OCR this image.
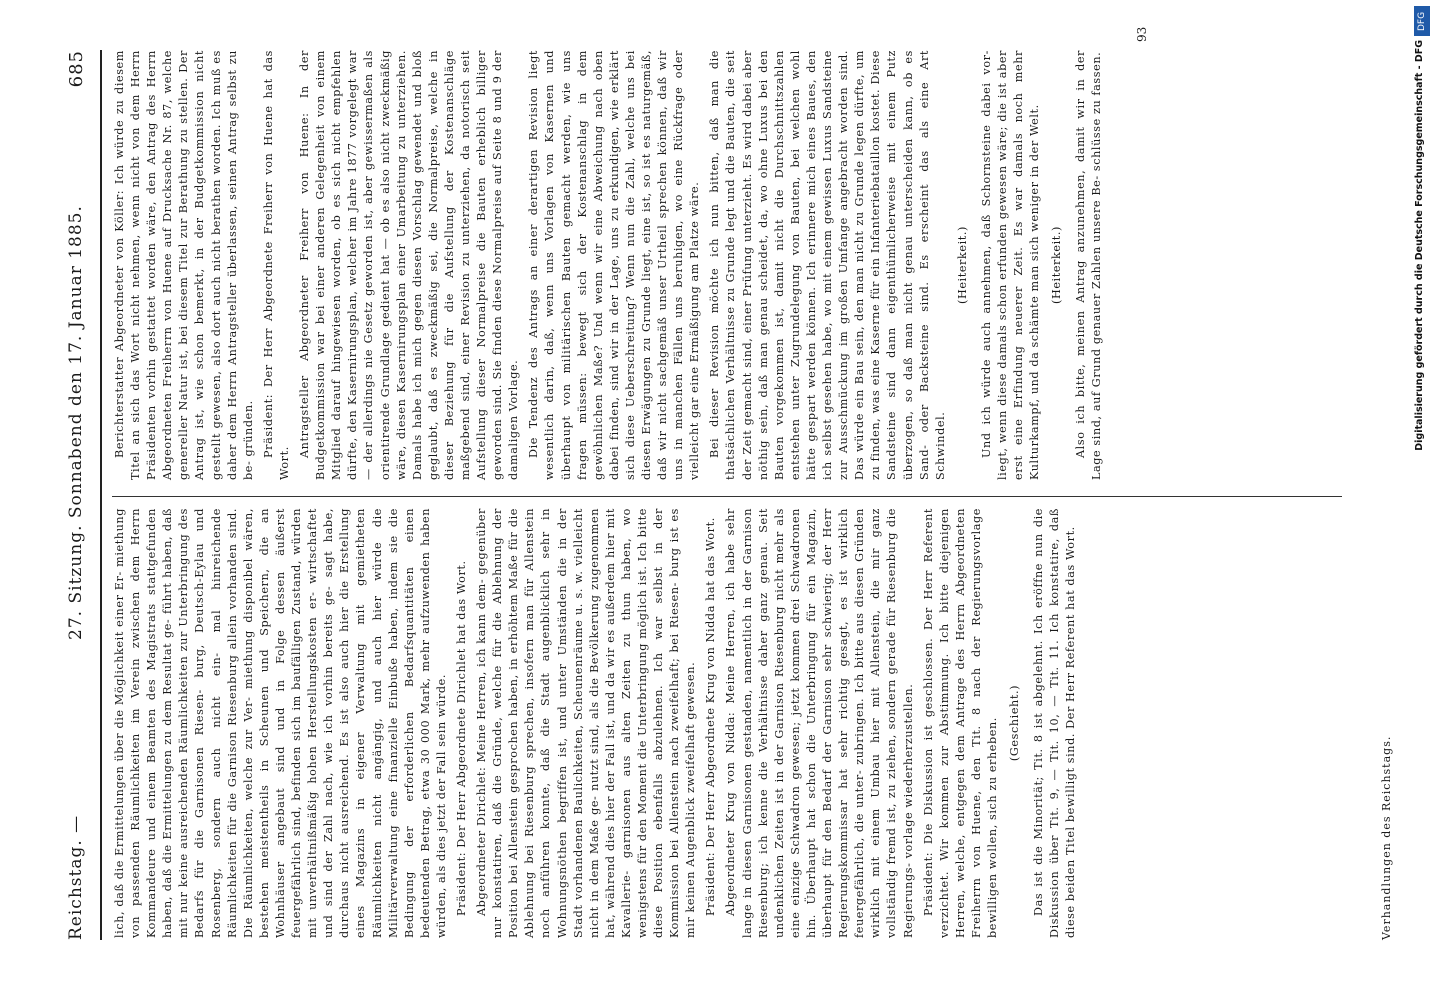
Reichstag. —
27. Sitzung. Sonnabend den 17. Januar 1885.
685

lich, daß die Ermittelungen über die Möglichkeit einer Er- miethung von passenden Räumlichkeiten im Verein zwischen dem Herrn Kommandeure und einem Beamten des Magistrats stattgefunden haben, daß die Ermittelungen zu dem Resultat ge- führt haben, daß mit nur keine ausreichenden Räumlichkeiten zur Unterbringung des Bedarfs für die Garnisonen Riesen- burg, Deutsch-Eylau und Rosenberg, sondern auch nicht ein- mal hinreichende Räumlichkeiten für die Garnison Riesenburg allein vorhanden sind. Die Räumlichkeiten, welche zur Ver- miethung disponibel wären, bestehen meistentheils in Scheunen und Speichern, die an Wohnhäuser angebaut sind und in Folge dessen äußerst feuergefährlich sind, befinden sich im baufälligen Zustand, würden mit unverhältnißmäßig hohen Herstellungskosten er- wirtschaftet und sind der Zahl nach, wie ich vorhin bereits ge- sagt habe, durchaus nicht ausreichend. Es ist also auch hier die Erstellung eines Magazins in eigener Verwaltung mit gemietheten Räumlichkeiten nicht angängig, und auch hier würde die Militärverwaltung eine finanzielle Einbuße haben, indem sie die Bedingung der erforderlichen Bedarfsquantitäten einen bedeutenden Betrag, etwa 30 000 Mark, mehr aufzuwenden haben würden, als dies jetzt der Fall sein würde. Präsident: Der Herr Abgeordnete Dirichlet hat das Wort. Abgeordneter Dirichlet: Meine Herren, ich kann dem- gegenüber nur konstatiren, daß die Gründe, welche für die Ablehnung der Position bei Allenstein gesprochen haben, in erhöhtem Maße für die Ablehnung bei Riesenburg sprechen, insofern man für Allenstein noch anführen konnte, daß die Stadt augenblicklich sehr in Wohnungsnöthen begriffen ist, und unter Umständen die in der Stadt vorhandenen Baulichkeiten, Scheunenräume u. s. w. vielleicht nicht in dem Maße ge- nutzt sind, als die Bevölkerung zugenommen hat, während dies hier der Fall ist, und da wir es außerdem hier mit Kavallerie- garnisonen aus alten Zeiten zu thun haben, wo wenigstens für den Moment die Unterbringung möglich ist. Ich bitte diese Position ebenfalls abzulehnen. Ich war selbst in der Kommission bei Allenstein nach zweifelhaft; bei Riesen- burg ist es mir keinen Augenblick zweifelhaft gewesen. Präsident: Der Herr Abgeordnete Krug von Nidda hat das Wort. Abgeordneter Krug von Nidda: Meine Herren, ich habe sehr lange in diesen Garnisonen gestanden, namentlich in der Garnison Riesenburg; ich kenne die Verhältnisse daher ganz genau. Seit undenklichen Zeiten ist in der Garnison Riesenburg nicht mehr als eine einzige Schwadron gewesen; jetzt kommen drei Schwadronen hin. Überhaupt hat schon die Unterbringung für ein Magazin, überhaupt für den Bedarf der Garnison sehr schwierig; der Herr Regierungskommissar hat sehr richtig gesagt, es ist wirklich feuergefährlich, die unter- zubringen. Ich bitte aus diesen Gründen wirklich mit einem Umbau hier mit Allenstein, die mir ganz vollständig fremd ist, zu ziehen, sondern gerade für Riesenburg die Regierungs- vorlage wiederherzustellen. Präsident: Die Diskussion ist geschlossen. Der Herr Referent verzichtet. Wir kommen zur Abstimmung. Ich bitte diejenigen Herren, welche, entgegen dem Antrage des Herrn Abgeordneten Freiherrn von Huene, den Tit. 8 nach der Regierungsvorlage bewilligen wollen, sich zu erheben. (Geschieht.) Das ist die Minorität; Tit. 8 ist abgelehnt. Ich eröffne nun die Diskussion über Tit. 9, — Tit. 10, — Tit. 11. Ich konstatire, daß diese beiden Titel bewilligt sind. Der Herr Referent hat das Wort.

Berichterstatter Abgeordneter von Köller: Ich würde zu diesem Titel an sich das Wort nicht nehmen, wenn nicht von dem Herrn Präsidenten vorhin gestattet worden wäre, den Antrag des Herrn Abgeordneten Freiherrn von Huene auf Drucksache Nr. 87, welche genereller Natur ist, bei diesem Titel zur Berathung zu stellen. Der Antrag ist, wie schon bemerkt, in der Budgetkommission nicht gestellt gewesen, also dort auch nicht berathen worden. Ich muß es daher dem Herrn Antragsteller überlassen, seinen Antrag selbst zu be- gründen. Präsident: Der Herr Abgeordnete Freiherr von Huene hat das Wort.

Antragsteller Abgeordneter Freiherr von Huene: In der Budgetkommission war bei einer anderen Gelegenheit von einem Mitglied darauf hingewiesen worden, ob es sich nicht empfehlen dürfte, den Kasernirungsplan, welcher im Jahre 1877 vorgelegt war — der allerdings nie Gesetz geworden ist, aber gewissermaßen als orientirende Grundlage gedient hat — ob es also nicht zweckmäßig wäre, diesen Kasernirungsplan einer Umarbeitung zu unterziehen. Damals habe ich mich gegen diesen Vorschlag gewendet und bloß geglaubt, daß es zweckmäßig sei, die Normalpreise, welche in dieser Beziehung für die Aufstellung der Kostenanschläge maßgebend sind, einer Revision zu unterziehen, da notorisch seit Aufstellung dieser Normalpreise die Bauten erheblich billiger geworden sind. Sie finden diese Normalpreise auf Seite 8 und 9 der damaligen Vorlage. Die Tendenz des Antrags an einer derartigen Revision liegt wesentlich darin, daß, wenn uns Vorlagen von Kasernen und überhaupt von militärischen Bauten gemacht werden, wie uns fragen müssen: bewegt sich der Kostenanschlag in dem gewöhnlichen Maße? Und wenn wir eine Abweichung nach oben dabei finden, sind wir in der Lage, uns zu erkundigen, wie erklärt sich diese Ueberschreitung? Wenn nun die Zahl, welche uns bei diesen Erwägungen zu Grunde liegt, eine ist, so ist es naturgemäß, daß wir nicht sachgemäß unser Urtheil sprechen können, daß wir uns in manchen Fällen uns beruhigen, wo eine Rückfrage oder vielleicht gar eine Ermäßigung am Platze wäre. Bei dieser Revision möchte ich nun bitten, daß man die thatsächlichen Verhältnisse zu Grunde legt und die Bauten, die seit der Zeit gemacht sind, einer Prüfung unterzieht. Es wird dabei aber nöthig sein, daß man genau scheidet, da, wo ohne Luxus bei den Bauten vorgekommen ist, damit nicht die Durchschnittszahlen entstehen unter Zugrundelegung von Bauten, bei welchen wohl hätte gespart werden können. Ich erinnere mich eines Baues, den ich selbst gesehen habe, wo mit einem gewissen Luxus Sandsteine zur Ausschmückung im großen Umfange angebracht worden sind. Das würde ein Bau sein, den man nicht zu Grunde legen dürfte, um zu finden, was eine Kaserne für ein Infanteriebataillon kostet. Diese Sandsteine sind dann eigenthümlicherweise mit einem Putz überzogen, so daß man nicht genau unterscheiden kann, ob es Sand- oder Backsteine sind. Es erscheint das als eine Art Schwindel.

(Heiterkeit.) Und ich würde auch annehmen, daß Schornsteine dabei vor- liegt, wenn diese damals schon erfunden gewesen wäre; die ist aber erst eine Erfindung neuerer Zeit. Es war damals noch mehr Kulturkampf, und da schämte man sich weniger in der Welt. (Heiterkeit.) Also ich bitte, meinen Antrag anzunehmen, damit wir in der Lage sind, auf Grund genauer Zahlen unsere Be- schlüsse zu fassen.

93
Verhandlungen des Reichstags.
DFG
Digitalisierung gefördert durch die Deutsche Forschungsgemeinschaft - DFG
